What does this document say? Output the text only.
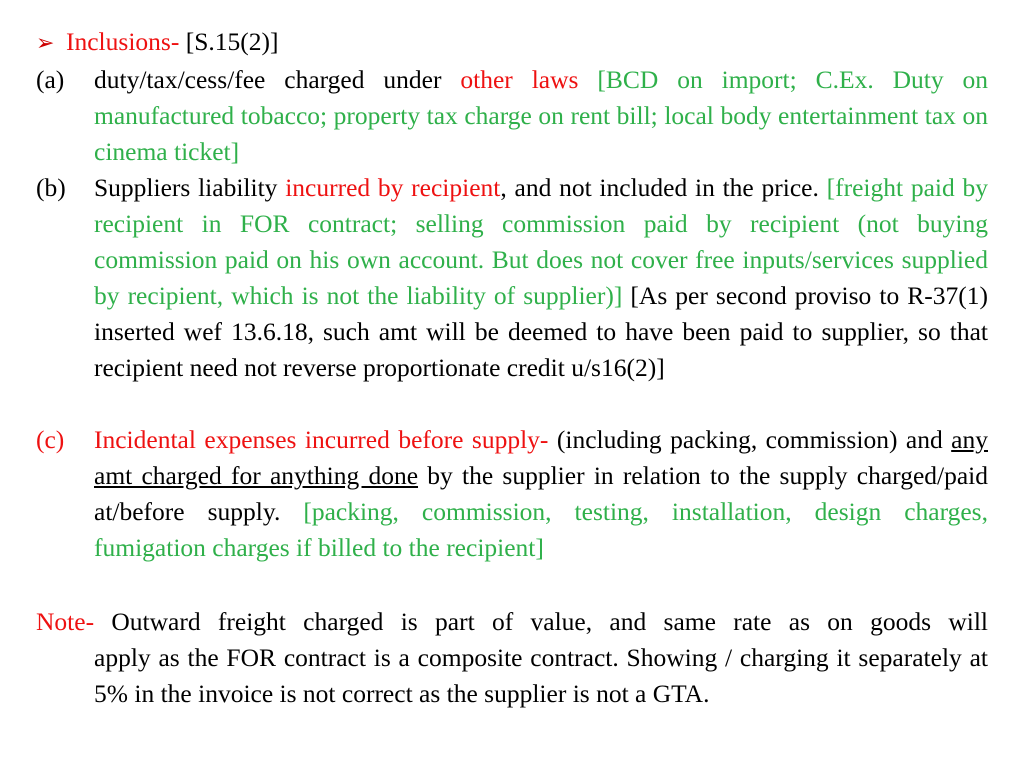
➢ Inclusions- [S.15(2)]
(a) duty/tax/cess/fee charged under other laws [BCD on import; C.Ex. Duty on manufactured tobacco; property tax charge on rent bill; local body entertainment tax on cinema ticket]
(b) Suppliers liability incurred by recipient, and not included in the price. [freight paid by recipient in FOR contract; selling commission paid by recipient (not buying commission paid on his own account. But does not cover free inputs/services supplied by recipient, which is not the liability of supplier)] [As per second proviso to R-37(1) inserted wef 13.6.18, such amt will be deemed to have been paid to supplier, so that recipient need not reverse proportionate credit u/s16(2)]
(c) Incidental expenses incurred before supply- (including packing, commission) and any amt charged for anything done by the supplier in relation to the supply charged/paid at/before supply. [packing, commission, testing, installation, design charges, fumigation charges if billed to the recipient]
Note- Outward freight charged is part of value, and same rate as on goods will
apply as the FOR contract is a composite contract. Showing / charging it separately at 5% in the invoice is not correct as the supplier is not a GTA.
